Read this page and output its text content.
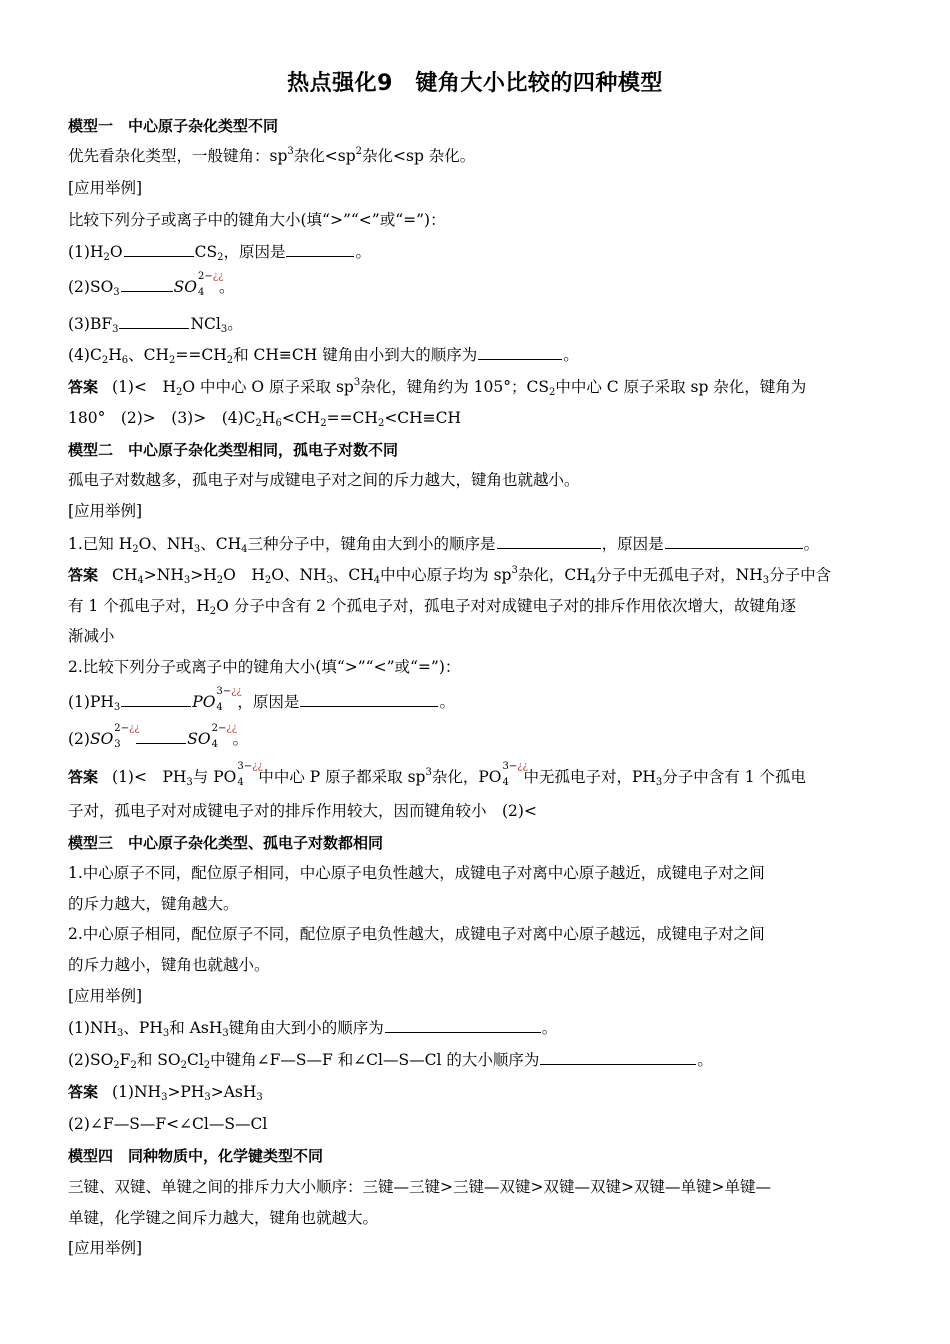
热点强化9　键角大小比较的四种模型
模型一　中心原子杂化类型不同
优先看杂化类型，一般键角：$sp^3$杂化$<sp^2$杂化<sp 杂化。
[应用举例]
比较下列分子或离子中的键角大小(填“>”“<”或“=”)：
$(1)H_2O$	$CS_2$，原因是	。
$(2)SO_3$	SO
2−¿¿
4 。
$(3)BF_3$	NCl$_3$。
$(4)C_2H_6$、$CH_2==CH_2$和 CH≡CH 键角由小到大的顺序为	。
答案 (1)<　$H_2O$ 中中心 O 原子采取 $sp^3$杂化，键角约为 105°；$CS_2$中中心 C 原子采取 sp 杂化，键角为
180°　(2)>　(3)>　$(4)C_2H_6<CH_2==CH_2<CH\equiv CH$
模型二　中心原子杂化类型相同，孤电子对数不同
孤电子对数越多，孤电子对与成键电子对之间的斥力越大，键角也就越小。
[应用举例]
1.已知 $H_2O$、$NH_3$、$CH_4$三种分子中，键角由大到小的顺序是	，原因是	。
答案 $CH_4>NH_3>H_2O$　$H_2O$、$NH_3$、$CH_4$中中心原子均为 $sp^3$杂化，$CH_4$分子中无孤电子对，$NH_3$分子中含
有 1 个孤电子对，$H_2O$ 分子中含有 2 个孤电子对，孤电子对对成键电子对的排斥作用依次增大，故键角逐
渐减小
2.比较下列分子或离子中的键角大小(填“>”“<”或“=”)：
$(1)PH_3$	PO
3−¿¿
4 ，原因是	。
(2)SO
2−¿¿
3	SO
2−¿¿
4 。
答案 (1)<　$PH_3$与 PO
3−¿¿
4 中中心 P 原子都采取 $sp^3$杂化，PO
3−¿¿
4 中无孤电子对，$PH_3$分子中含有 1 个孤电
子对，孤电子对对成键电子对的排斥作用较大，因而键角较小　(2)<
模型三　中心原子杂化类型、孤电子对数都相同
1.中心原子不同，配位原子相同，中心原子电负性越大，成键电子对离中心原子越近，成键电子对之间
的斥力越大，键角越大。
2.中心原子相同，配位原子不同，配位原子电负性越大，成键电子对离中心原子越远，成键电子对之间
的斥力越小，键角也就越小。
[应用举例]
$(1)NH_3$、$PH_3$和 AsH$_3$键角由大到小的顺序为	。
$(2)SO_2F_2$和 $SO_2Cl_2$中键角∠F—S—F 和∠Cl—S—Cl 的大小顺序为	。
答案 $(1)NH_3>PH_3>AsH_3$
(2)∠F—S—F<∠Cl—S—Cl
模型四　同种物质中，化学键类型不同
三键、双键、单键之间的排斥力大小顺序：三键—三键>三键—双键>双键—双键>双键—单键>单键—
单键，化学键之间斥力越大，键角也就越大。
[应用举例]
